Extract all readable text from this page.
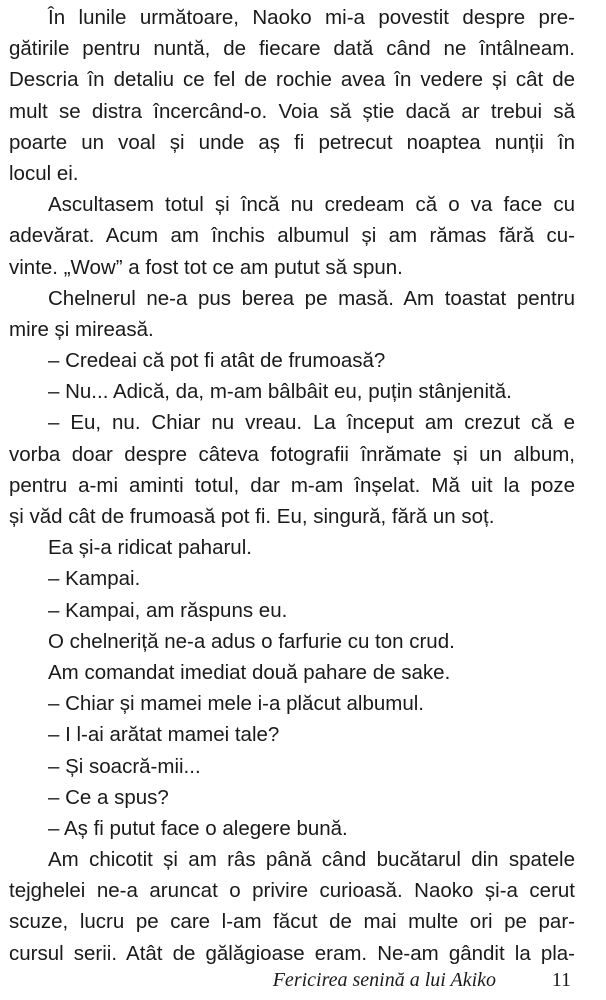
În lunile următoare, Naoko mi-a povestit despre pre-
gătirile pentru nuntă, de fiecare dată când ne întâlneam.
Descria în detaliu ce fel de rochie avea în vedere și cât de
mult se distra încercând-o. Voia să știe dacă ar trebui să
poarte un voal și unde aș fi petrecut noaptea nunții în
locul ei.
Ascultasem totul și încă nu credeam că o va face cu
adevărat. Acum am închis albumul și am rămas fără cu-
vinte. „Wow” a fost tot ce am putut să spun.
Chelnerul ne-a pus berea pe masă. Am toastat pentru
mire și mireasă.
– Credeai că pot fi atât de frumoasă?
– Nu... Adică, da, m-am bâlbâit eu, puțin stânjenită.
– Eu, nu. Chiar nu vreau. La început am crezut că e
vorba doar despre câteva fotografii înrămate și un album,
pentru a-mi aminti totul, dar m-am înșelat. Mă uit la poze
și văd cât de frumoasă pot fi. Eu, singură, fără un soț.
Ea și-a ridicat paharul.
– Kampai.
– Kampai, am răspuns eu.
O chelneriță ne-a adus o farfurie cu ton crud.
Am comandat imediat două pahare de sake.
– Chiar și mamei mele i-a plăcut albumul.
– I l-ai arătat mamei tale?
– Și soacră-mii...
– Ce a spus?
– Aș fi putut face o alegere bună.
Am chicotit și am râs până când bucătarul din spatele
tejghelei ne-a aruncat o privire curioasă. Naoko și-a cerut
scuze, lucru pe care l-am făcut de mai multe ori pe par-
cursul serii. Atât de gălăgioase eram. Ne-am gândit la pla-
Fericirea senină a lui Akiko	11
